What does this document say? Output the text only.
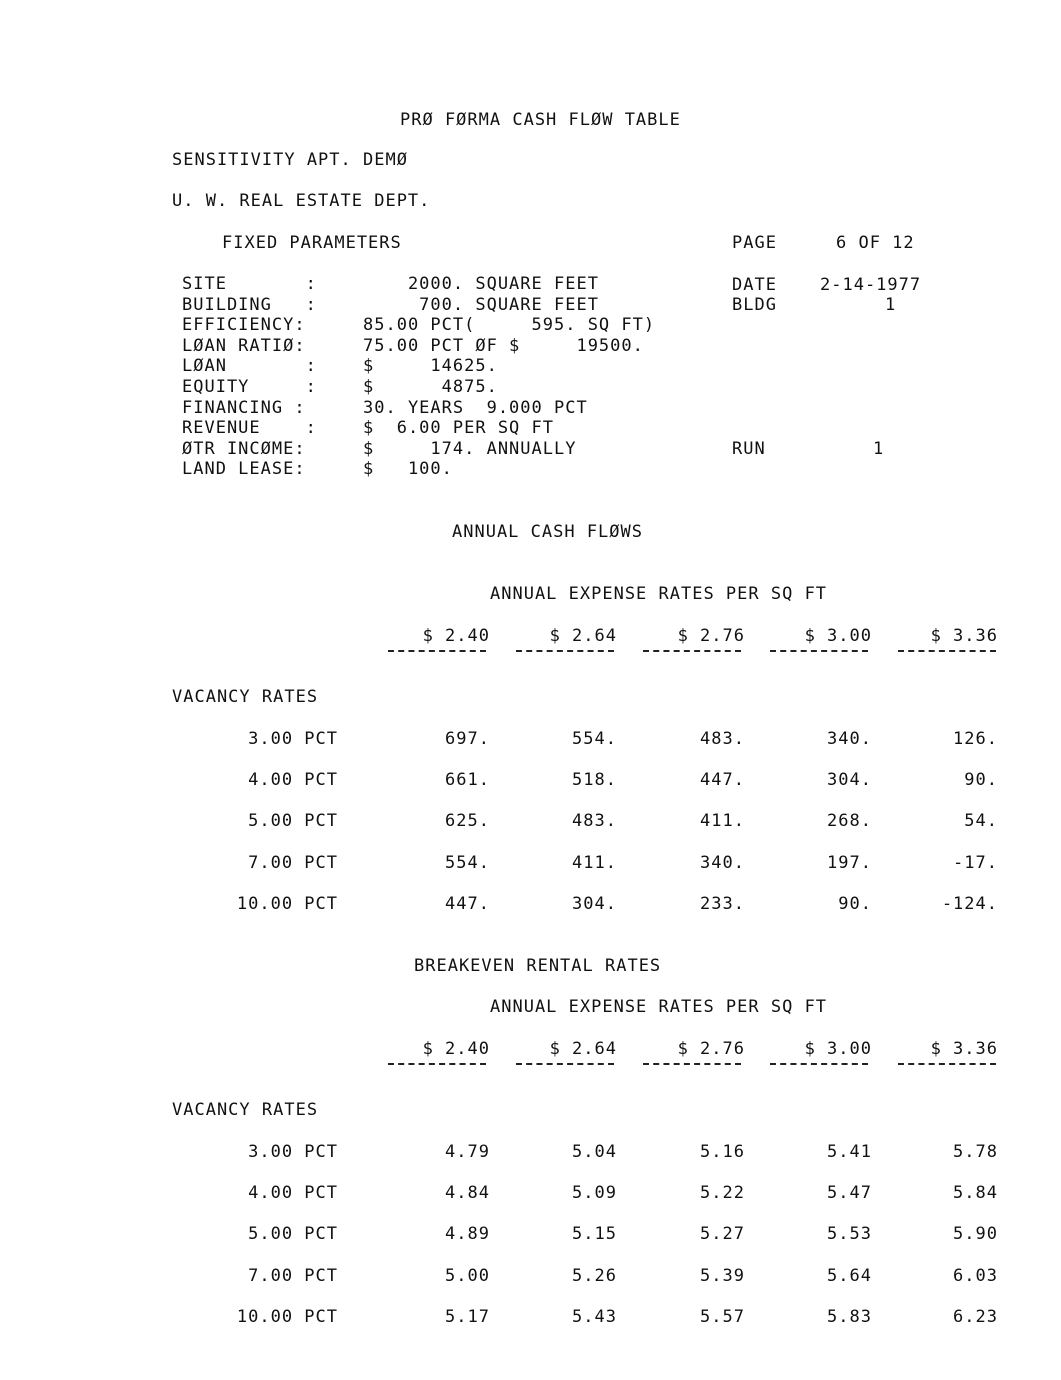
PRØ FØRMA CASH FLØW TABLE
SENSITIVITY APT. DEMØ
U. W. REAL ESTATE DEPT.
FIXED PARAMETERS	PAGE	6 OF 12
DATE	2-14-1977
BLDG	1
RUN	1
SITE       :	2000. SQUARE FEET
BUILDING   :	700. SQUARE FEET
EFFICIENCY:	85.00 PCT(     595. SQ FT)
LØAN RATIØ:	75.00 PCT ØF $     19500.
LØAN       :	$     14625.
EQUITY     :	$      4875.
FINANCING :	30. YEARS  9.000 PCT
REVENUE    :	$  6.00 PER SQ FT
ØTR INCØME:	$     174. ANNUALLY
LAND LEASE:	$   100.
ANNUAL CASH FLØWS
ANNUAL EXPENSE RATES PER SQ FT
$ 2.40	$ 2.64	$ 2.76	$ 3.00	$ 3.36
VACANCY RATES
3.00 PCT	697.	554.	483.	340.	126.
4.00 PCT	661.	518.	447.	304.	90.
5.00 PCT	625.	483.	411.	268.	54.
7.00 PCT	554.	411.	340.	197.	-17.
10.00 PCT	447.	304.	233.	90.	-124.
BREAKEVEN RENTAL RATES
ANNUAL EXPENSE RATES PER SQ FT
$ 2.40	$ 2.64	$ 2.76	$ 3.00	$ 3.36
VACANCY RATES
3.00 PCT	4.79	5.04	5.16	5.41	5.78
4.00 PCT	4.84	5.09	5.22	5.47	5.84
5.00 PCT	4.89	5.15	5.27	5.53	5.90
7.00 PCT	5.00	5.26	5.39	5.64	6.03
10.00 PCT	5.17	5.43	5.57	5.83	6.23
